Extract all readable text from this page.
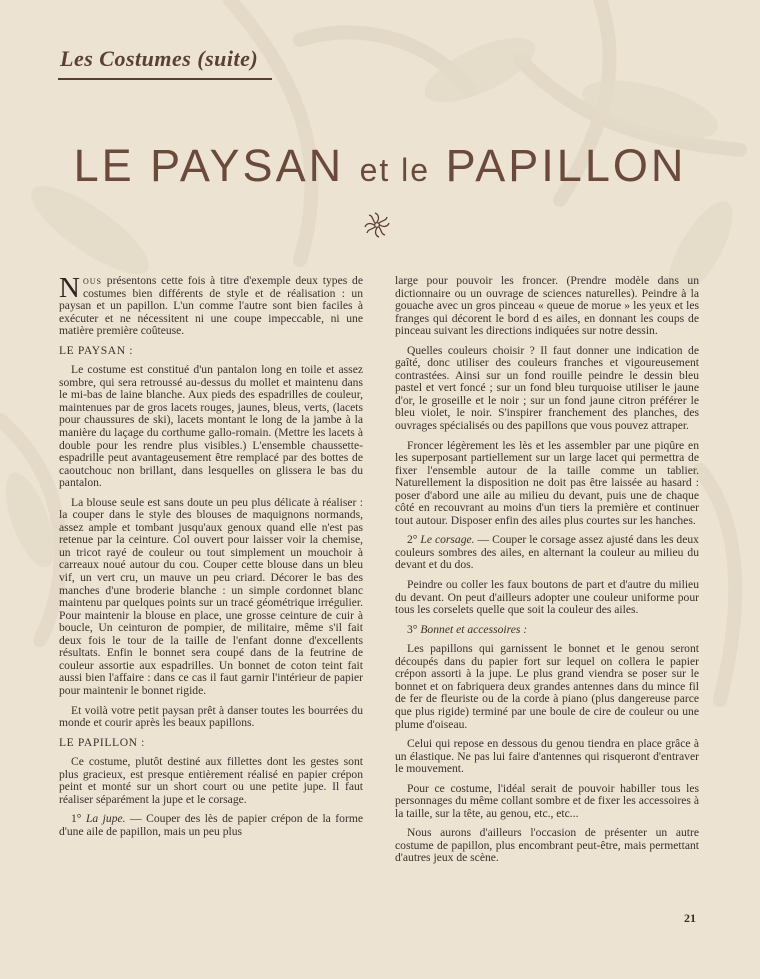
Les Costumes (suite)
LE PAYSAN et le PAPILLON

Nous présentons cette fois à titre d'exemple deux types de costumes bien différents de style et de réalisation : un paysan et un papillon. L'un comme l'autre sont bien faciles à exécuter et ne nécessitent ni une coupe impeccable, ni une matière première coûteuse.

LE PAYSAN :

Le costume est constitué d'un pantalon long en toile et assez sombre, qui sera retroussé au-dessus du mollet et maintenu dans le mi-bas de laine blanche. Aux pieds des espadrilles de couleur, maintenues par de gros lacets rouges, jaunes, bleus, verts, (lacets pour chaussures de ski), lacets montant le long de la jambe à la manière du laçage du corthume gallo-romain. (Mettre les lacets à double pour les rendre plus visibles.) L'ensemble chaussette-espadrille peut avantageusement être remplacé par des bottes de caoutchouc non brillant, dans lesquelles on glissera le bas du pantalon.

La blouse seule est sans doute un peu plus délicate à réaliser : la couper dans le style des blouses de maquignons normands, assez ample et tombant jusqu'aux genoux quand elle n'est pas retenue par la ceinture. Col ouvert pour laisser voir la chemise, un tricot rayé de couleur ou tout simplement un mouchoir à carreaux noué autour du cou. Couper cette blouse dans un bleu vif, un vert cru, un mauve un peu criard. Décorer le bas des manches d'une broderie blanche : un simple cordonnet blanc maintenu par quelques points sur un tracé géométrique irrégulier. Pour maintenir la blouse en place, une grosse ceinture de cuir à boucle, Un ceinturon de pompier, de militaire, même s'il fait deux fois le tour de la taille de l'enfant donne d'excellents résultats. Enfin le bonnet sera coupé dans de la feutrine de couleur assortie aux espadrilles. Un bonnet de coton teint fait aussi bien l'affaire : dans ce cas il faut garnir l'intérieur de papier pour maintenir le bonnet rigide.

Et voilà votre petit paysan prêt à danser toutes les bourrées du monde et courir après les beaux papillons.

LE PAPILLON :

Ce costume, plutôt destiné aux fillettes dont les gestes sont plus gracieux, est presque entièrement réalisé en papier crépon peint et monté sur un short court ou une petite jupe. Il faut réaliser séparément la jupe et le corsage.

1° La jupe. — Couper des lès de papier crépon de la forme d'une aile de papillon, mais un peu plus

large pour pouvoir les froncer. (Prendre modèle dans un dictionnaire ou un ouvrage de sciences naturelles). Peindre à la gouache avec un gros pinceau « queue de morue » les yeux et les franges qui décorent le bord d es ailes, en donnant les coups de pinceau suivant les directions indiquées sur notre dessin.

Quelles couleurs choisir ? Il faut donner une indication de gaîté, donc utiliser des couleurs franches et vigoureusement contrastées. Ainsi sur un fond rouille peindre le dessin bleu pastel et vert foncé ; sur un fond bleu turquoise utiliser le jaune d'or, le groseille et le noir ; sur un fond jaune citron préférer le bleu violet, le noir. S'inspirer franchement des planches, des ouvrages spécialisés ou des papillons que vous pouvez attraper.

Froncer légèrement les lès et les assembler par une piqûre en les superposant partiellement sur un large lacet qui permettra de fixer l'ensemble autour de la taille comme un tablier. Naturellement la disposition ne doit pas être laissée au hasard : poser d'abord une aile au milieu du devant, puis une de chaque côté en recouvrant au moins d'un tiers la première et continuer tout autour. Disposer enfin des ailes plus courtes sur les hanches.

2° Le corsage. — Couper le corsage assez ajusté dans les deux couleurs sombres des ailes, en alternant la couleur au milieu du devant et du dos.

Peindre ou coller les faux boutons de part et d'autre du milieu du devant. On peut d'ailleurs adopter une couleur uniforme pour tous les corselets quelle que soit la couleur des ailes.

3° Bonnet et accessoires :

Les papillons qui garnissent le bonnet et le genou seront découpés dans du papier fort sur lequel on collera le papier crépon assorti à la jupe. Le plus grand viendra se poser sur le bonnet et on fabriquera deux grandes antennes dans du mince fil de fer de fleuriste ou de la corde à piano (plus dangereuse parce que plus rigide) terminé par une boule de cire de couleur ou une plume d'oiseau.

Celui qui repose en dessous du genou tiendra en place grâce à un élastique. Ne pas lui faire d'antennes qui risqueront d'entraver le mouvement.

Pour ce costume, l'idéal serait de pouvoir habiller tous les personnages du même collant sombre et de fixer les accessoires à la taille, sur la tête, au genou, etc., etc...

Nous aurons d'ailleurs l'occasion de présenter un autre costume de papillon, plus encombrant peut-être, mais permettant d'autres jeux de scène.

21
